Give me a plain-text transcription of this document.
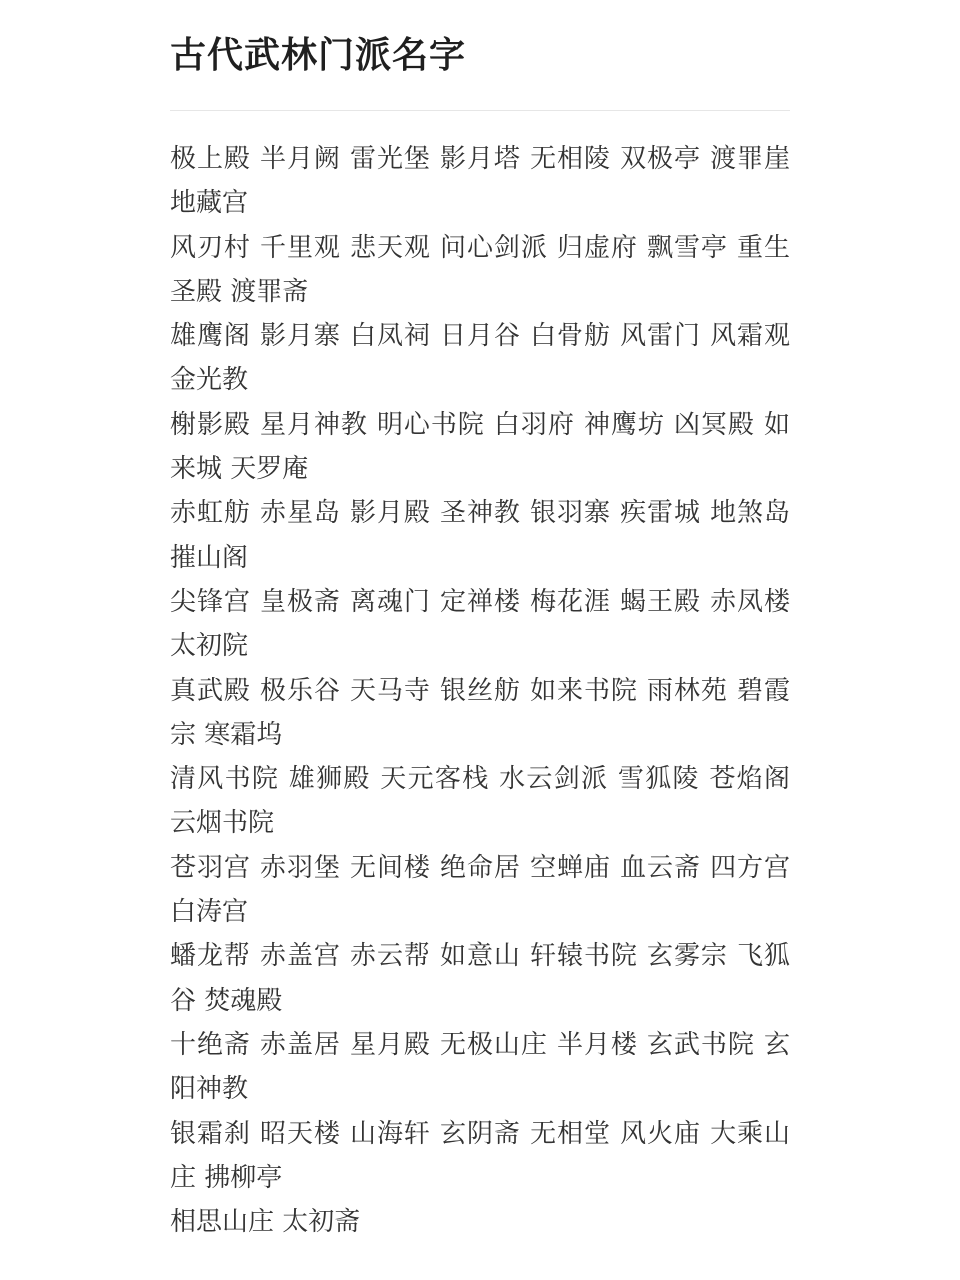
古代武林门派名字

极上殿 半月阙 雷光堡 影月塔 无相陵 双极亭 渡罪崖 地藏宫

风刃村 千里观 悲天观 问心剑派 归虚府 飘雪亭 重生圣殿 渡罪斋

雄鹰阁 影月寨 白凤祠 日月谷 白骨舫 风雷门 风霜观 金光教

榭影殿 星月神教 明心书院 白羽府 神鹰坊 凶冥殿 如来城 天罗庵

赤虹舫 赤星岛 影月殿 圣神教 银羽寨 疾雷城 地煞岛 摧山阁

尖锋宫 皇极斋 离魂门 定禅楼 梅花涯 蝎王殿 赤凤楼 太初院

真武殿 极乐谷 天马寺 银丝舫 如来书院 雨林苑 碧霞宗 寒霜坞

清风书院 雄狮殿 天元客栈 水云剑派 雪狐陵 苍焰阁 云烟书院

苍羽宫 赤羽堡 无间楼 绝命居 空蝉庙 血云斋 四方宫 白涛宫

蟠龙帮 赤盖宫 赤云帮 如意山 轩辕书院 玄雾宗 飞狐谷 焚魂殿

十绝斋 赤盖居 星月殿 无极山庄 半月楼 玄武书院 玄阳神教

银霜刹 昭天楼 山海轩 玄阴斋 无相堂 风火庙 大乘山庄 拂柳亭

相思山庄 太初斋
